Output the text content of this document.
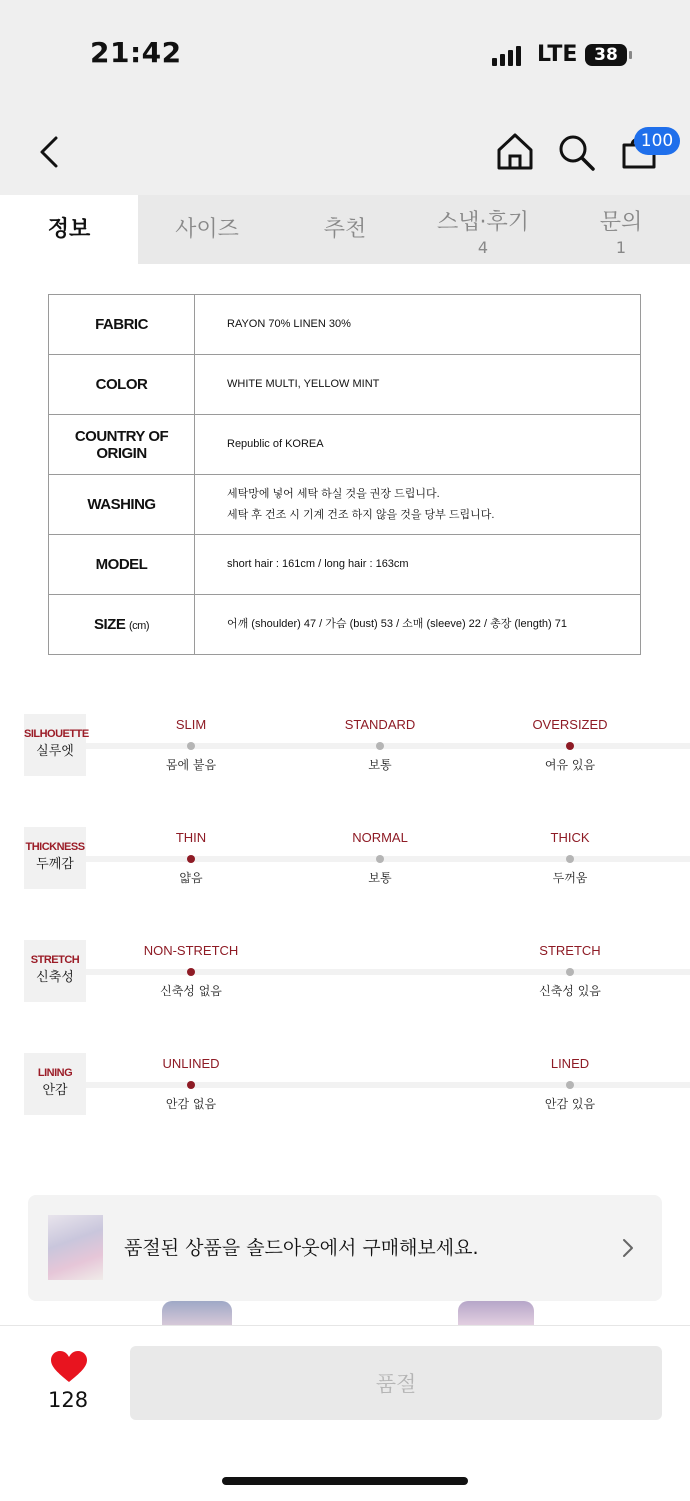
21:42	LTE 38
100
정보	사이즈	추천	스냅·후기
4
문의
1
FABRIC	RAYON 70% LINEN 30%
COLOR	WHITE MULTI, YELLOW MINT
COUNTRY OF ORIGIN	Republic of KOREA
WASHING	세탁망에 넣어 세탁 하실 것을 권장 드립니다.
세탁 후 건조 시 기계 건조 하지 않을 것을 당부 드립니다.
MODEL	short hair : 161cm / long hair : 163cm
SIZE (cm)	어깨 (shoulder) 47 / 가슴 (bust) 53 / 소매 (sleeve) 22 / 총장 (length) 71
SILHOUETTE
실루엣
SLIM	STANDARD	OVERSIZED
몸에 붙음	보통	여유 있음
THICKNESS
두께감
THIN	NORMAL	THICK
얇음	보통	두꺼움
STRETCH
신축성
NON-STRETCH	STRETCH
신축성 없음	신축성 있음
LINING
안감
UNLINED	LINED
안감 없음	안감 있음
품절된 상품을 솔드아웃에서 구매해보세요.
128
품절
